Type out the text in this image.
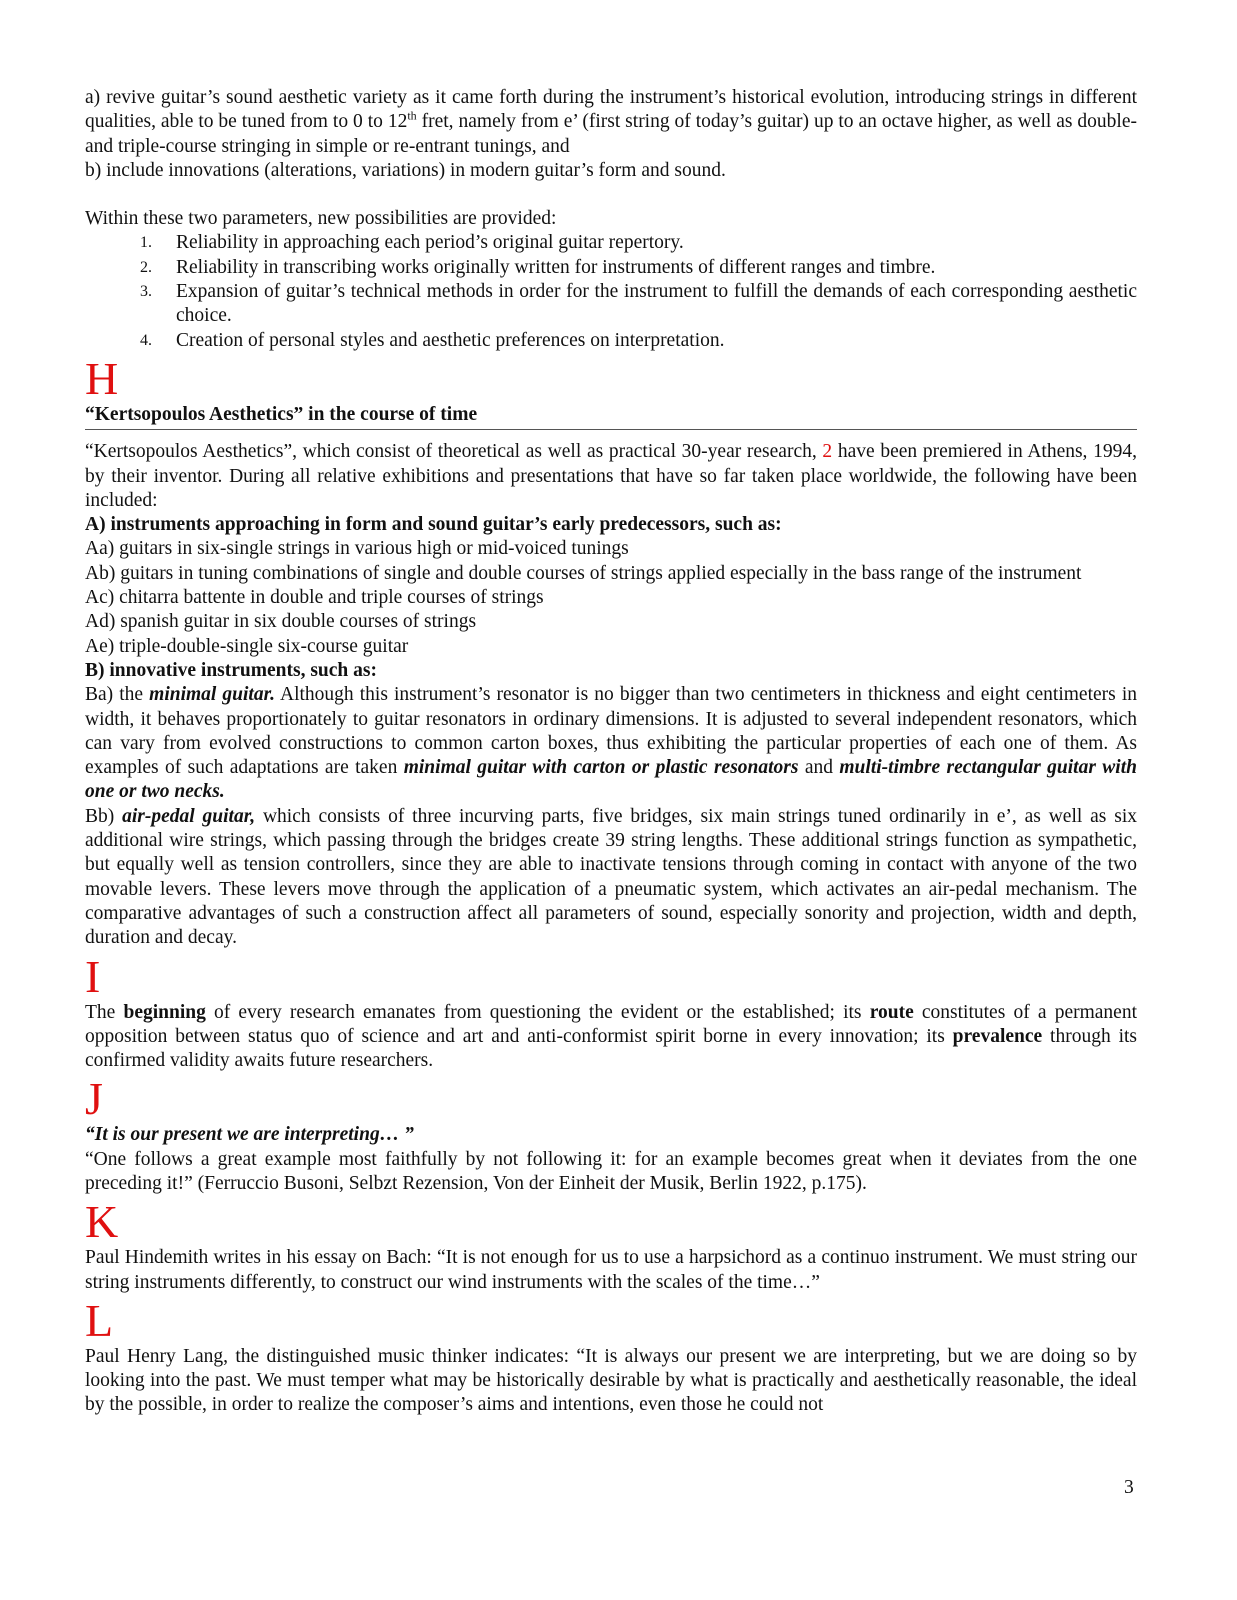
a) revive guitar’s sound aesthetic variety as it came forth during the instrument’s historical evolution, introducing strings in different qualities, able to be tuned from to 0 to 12th fret, namely from e’ (first string of today’s guitar) up to an octave higher, as well as double- and triple-course stringing in simple or re-entrant tunings, and

b) include innovations (alterations, variations) in modern guitar’s form and sound.

Within these two parameters, new possibilities are provided:

1. Reliability in approaching each period’s original guitar repertory.
2. Reliability in transcribing works originally written for instruments of different ranges and timbre.
3. Expansion of guitar’s technical methods in order for the instrument to fulfill the demands of each corresponding aesthetic choice.
4. Creation of personal styles and aesthetic preferences on interpretation.
H

“Kertsopoulos Aesthetics” in the course of time

“Kertsopoulos Aesthetics”, which consist of theoretical as well as practical 30-year research, 2 have been premiered in Athens, 1994, by their inventor. During all relative exhibitions and presentations that have so far taken place worldwide, the following have been included:

A) instruments approaching in form and sound guitar’s early predecessors, such as:

Aa) guitars in six-single strings in various high or mid-voiced tunings

Ab) guitars in tuning combinations of single and double courses of strings applied especially in the bass range of the instrument

Ac) chitarra battente in double and triple courses of strings

Ad) spanish guitar in six double courses of strings

Ae) triple-double-single six-course guitar

B) innovative instruments, such as:

Ba) the minimal guitar. Although this instrument’s resonator is no bigger than two centimeters in thickness and eight centimeters in width, it behaves proportionately to guitar resonators in ordinary dimensions. It is adjusted to several independent resonators, which can vary from evolved constructions to common carton boxes, thus exhibiting the particular properties of each one of them. As examples of such adaptations are taken minimal guitar with carton or plastic resonators and multi-timbre rectangular guitar with one or two necks.

Bb) air-pedal guitar, which consists of three incurving parts, five bridges, six main strings tuned ordinarily in e’, as well as six additional wire strings, which passing through the bridges create 39 string lengths. These additional strings function as sympathetic, but equally well as tension controllers, since they are able to inactivate tensions through coming in contact with anyone of the two movable levers. These levers move through the application of a pneumatic system, which activates an air-pedal mechanism. The comparative advantages of such a construction affect all parameters of sound, especially sonority and projection, width and depth, duration and decay.

I

The beginning of every research emanates from questioning the evident or the established; its route constitutes of a permanent opposition between status quo of science and art and anti-conformist spirit borne in every innovation; its prevalence through its confirmed validity awaits future researchers.

J

“It is our present we are interpreting… ”

“One follows a great example most faithfully by not following it: for an example becomes great when it deviates from the one preceding it!” (Ferruccio Busoni, Selbzt Rezension, Von der Einheit der Musik, Berlin 1922, p.175).

K

Paul Hindemith writes in his essay on Bach: “It is not enough for us to use a harpsichord as a continuo instrument. We must string our string instruments differently, to construct our wind instruments with the scales of the time…”

L

Paul Henry Lang, the distinguished music thinker indicates: “It is always our present we are interpreting, but we are doing so by looking into the past. We must temper what may be historically desirable by what is practically and aesthetically reasonable, the ideal by the possible, in order to realize the composer’s aims and intentions, even those he could not

3
